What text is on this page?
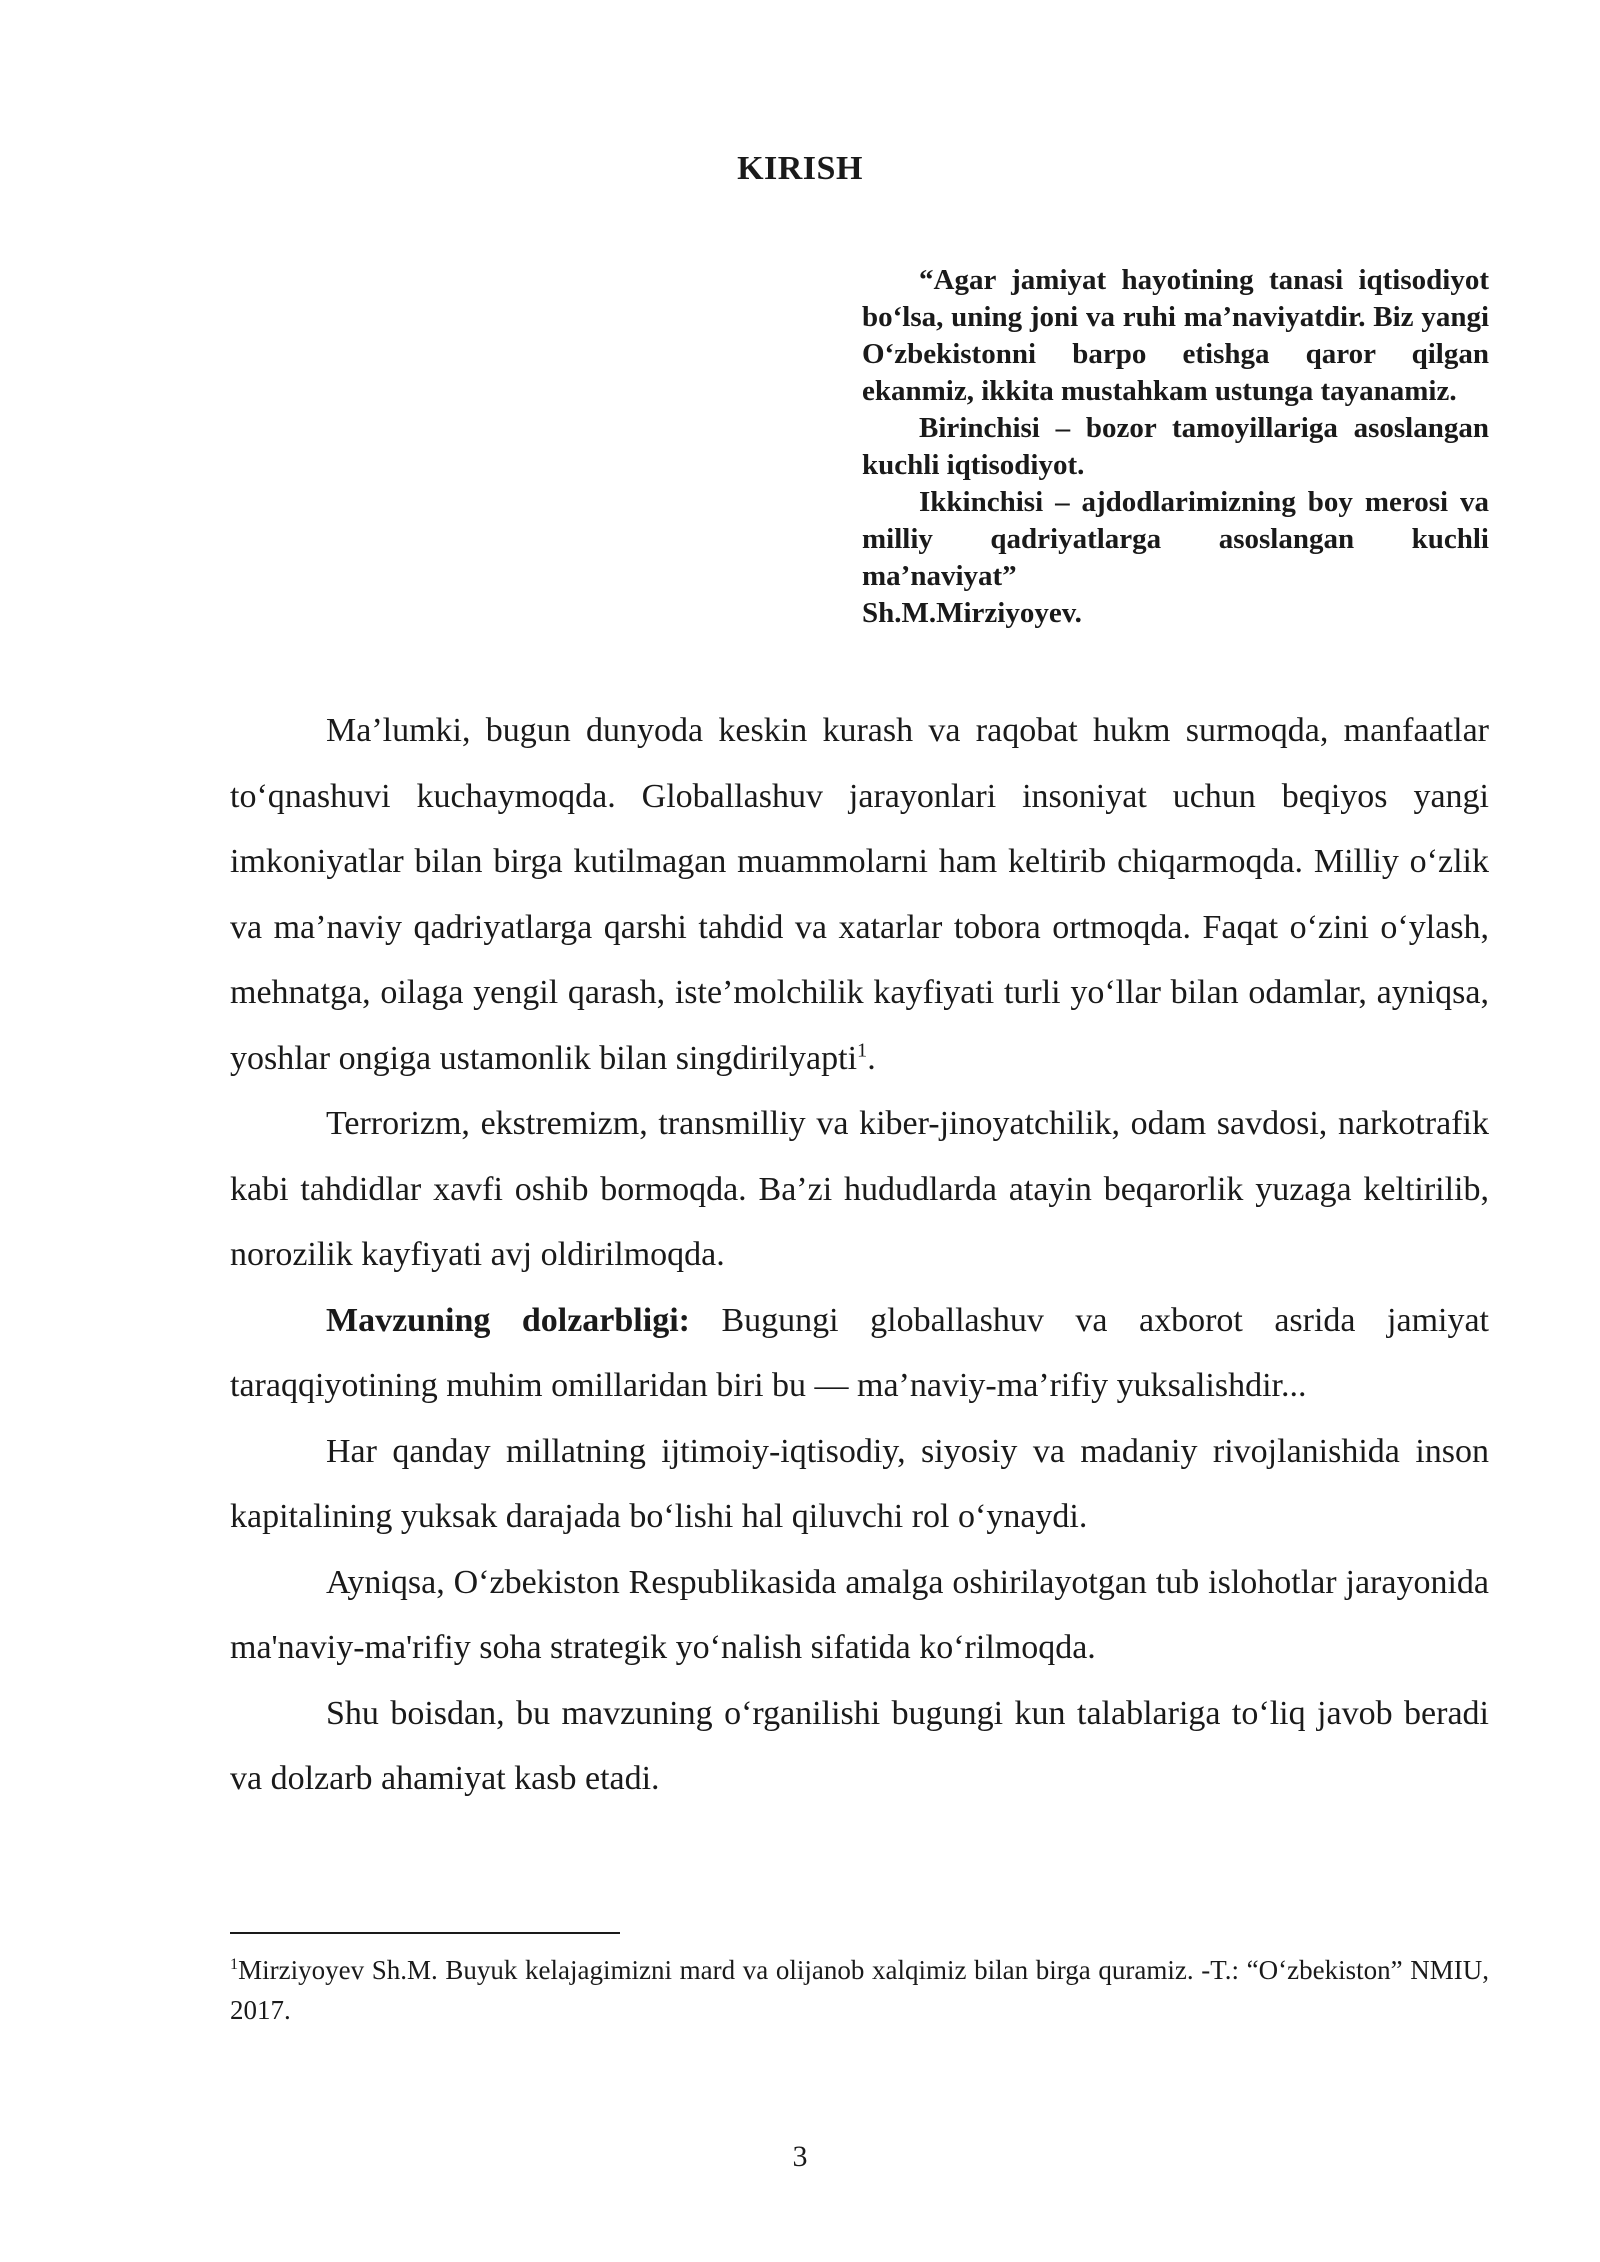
KIRISH

“Agar jamiyat hayotining tanasi iqtisodiyot boʻlsa, uning joni va ruhi maʼnaviyatdir. Biz yangi Oʻzbekistonni barpo etishga qaror qilgan ekanmiz, ikkita mustahkam ustunga tayanamiz.

Birinchisi – bozor tamoyillariga asoslangan kuchli iqtisodiyot.

Ikkinchisi – ajdodlarimizning boy merosi va milliy qadriyatlarga asoslangan kuchli maʼnaviyat”

Sh.M.Mirziyoyev.

Ma’lumki, bugun dunyoda keskin kurash va raqobat hukm surmoqda, manfaatlar toʻqnashuvi kuchaymoqda. Globallashuv jarayonlari insoniyat uchun beqiyos yangi imkoniyatlar bilan birga kutilmagan muammolarni ham keltirib chiqarmoqda. Milliy oʻzlik va ma’naviy qadriyatlarga qarshi tahdid va xatarlar tobora ortmoqda. Faqat oʻzini oʻylash, mehnatga, oilaga yengil qarash, iste’molchilik kayfiyati turli yoʻllar bilan odamlar, ayniqsa, yoshlar ongiga ustamonlik bilan singdirilyapti$^1$.

Terrorizm, ekstremizm, transmilliy va kiber-jinoyatchilik, odam savdosi, narkotrafik kabi tahdidlar xavfi oshib bormoqda. Ba’zi hududlarda atayin beqarorlik yuzaga keltirilib, norozilik kayfiyati avj oldirilmoqda.

Mavzuning dolzarbligi: Bugungi globallashuv va axborot asrida jamiyat taraqqiyotining muhim omillaridan biri bu — ma’naviy-ma’rifiy yuksalishdir...

Har qanday millatning ijtimoiy-iqtisodiy, siyosiy va madaniy rivojlanishida inson kapitalining yuksak darajada boʻlishi hal qiluvchi rol oʻynaydi.

Ayniqsa, Oʻzbekiston Respublikasida amalga oshirilayotgan tub islohotlar jarayonida ma'naviy-ma'rifiy soha strategik yoʻnalish sifatida koʻrilmoqda.

Shu boisdan, bu mavzuning oʻrganilishi bugungi kun talablariga toʻliq javob beradi va dolzarb ahamiyat kasb etadi.

$^1$Mirziyoyev Sh.M. Buyuk kelajagimizni mard va olijanob xalqimiz bilan birga quramiz. -T.: “Oʻzbekiston” NMIU, 2017.
3
